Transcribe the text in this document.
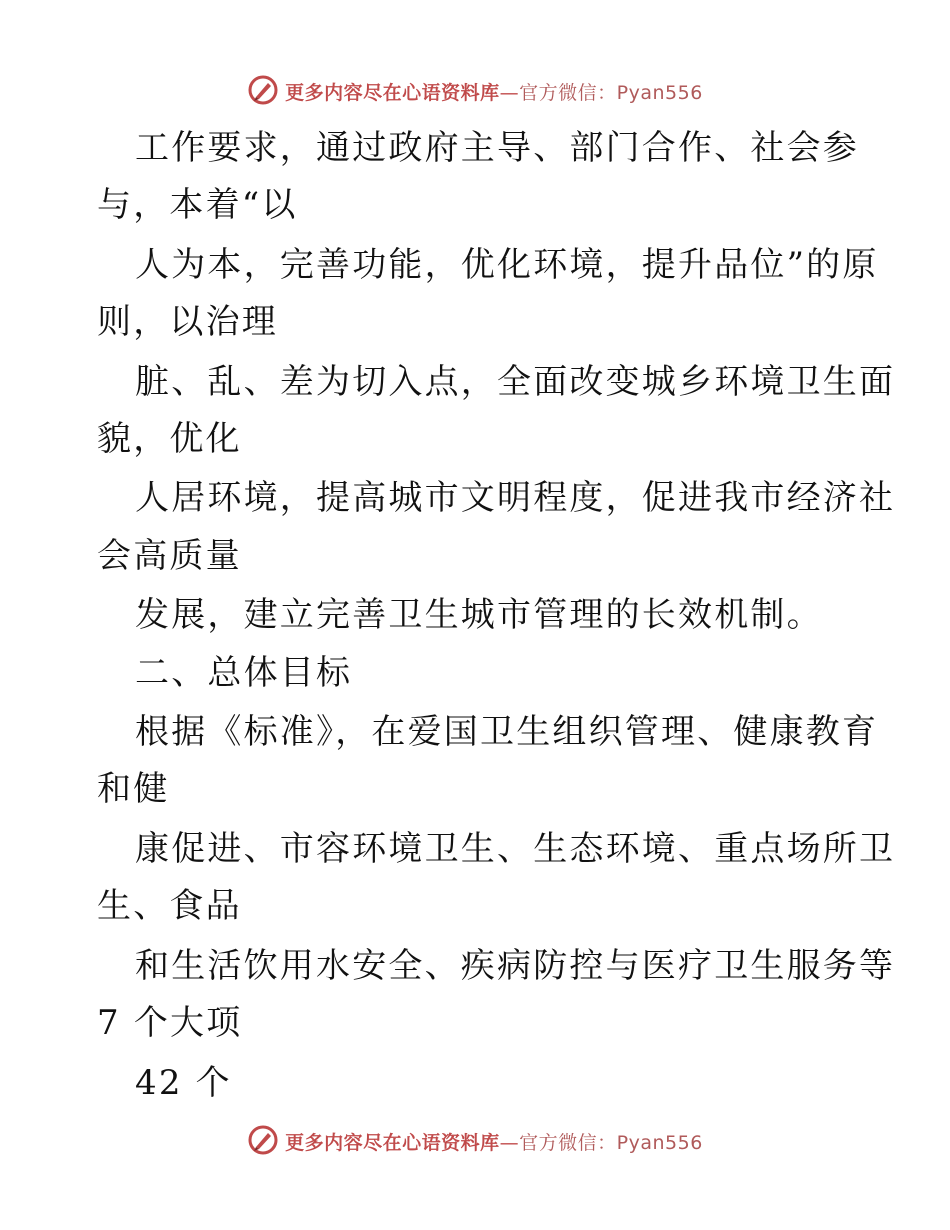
更多内容尽在心语资料库—官方微信：Pyan556
工作要求，通过政府主导、部门合作、社会参
与，本着“以
人为本，完善功能，优化环境，提升品位”的原
则，以治理
脏、乱、差为切入点，全面改变城乡环境卫生面
貌，优化
人居环境，提高城市文明程度，促进我市经济社
会高质量
发展，建立完善卫生城市管理的长效机制。
二、总体目标
根据《标准》，在爱国卫生组织管理、健康教育
和健
康促进、市容环境卫生、生态环境、重点场所卫
生、食品
和生活饮用水安全、疾病防控与医疗卫生服务等
7 个大项
42 个
更多内容尽在心语资料库—官方微信：Pyan556
